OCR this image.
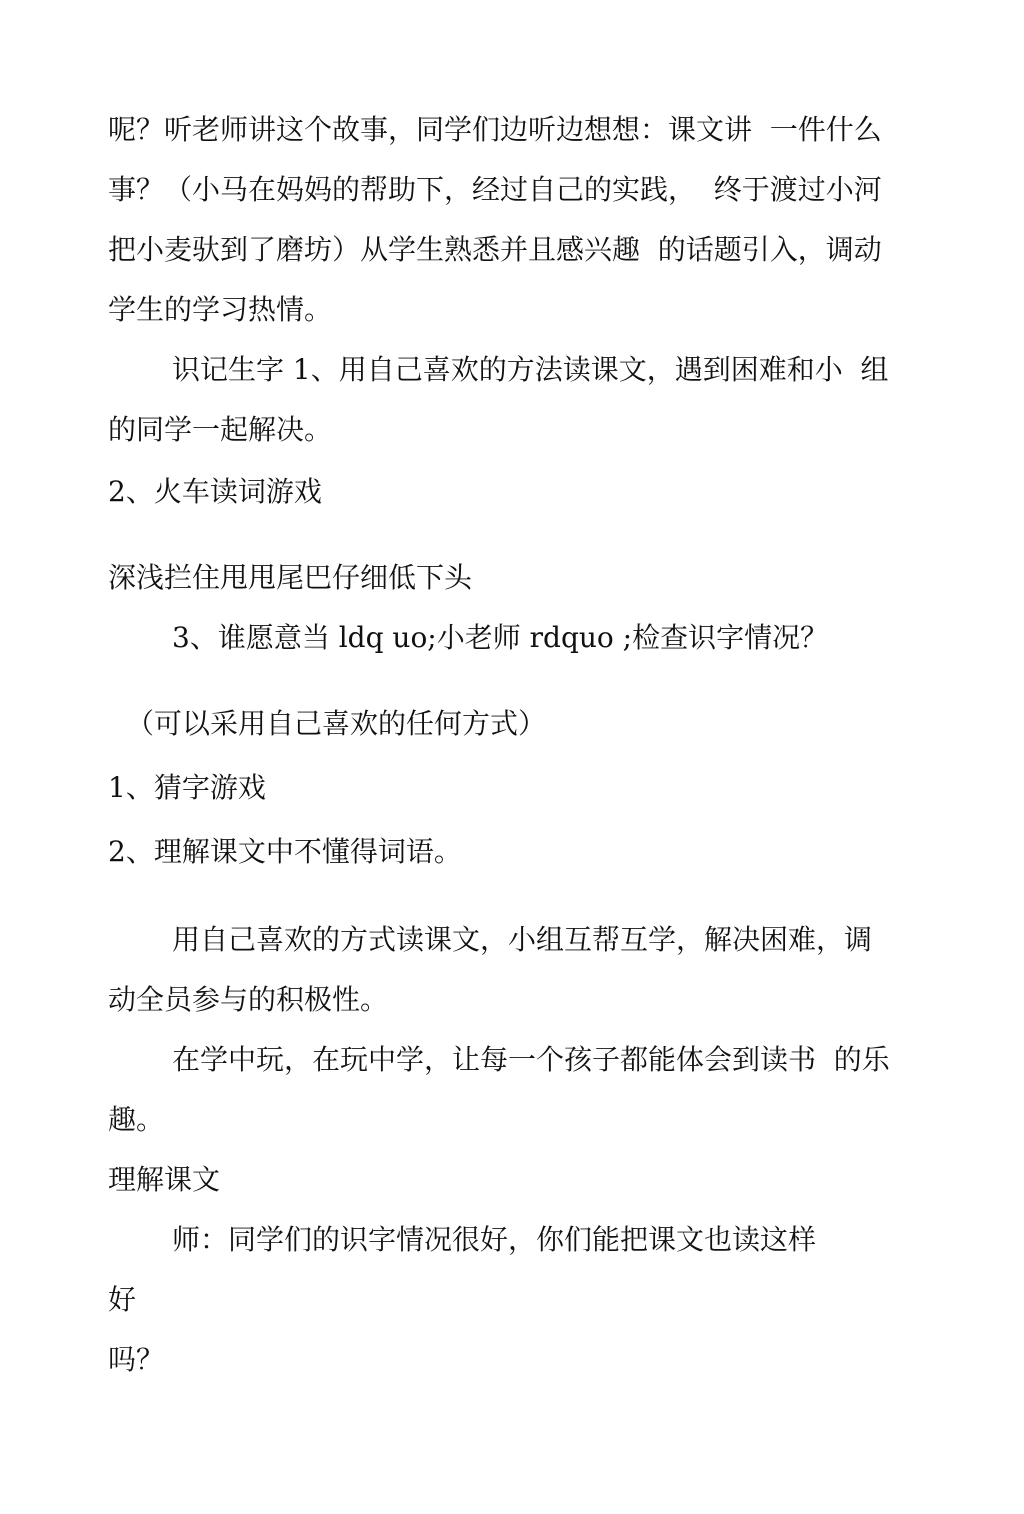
呢？听老师讲这个故事，同学们边听边想想：课文讲  一件什么
事？（小马在妈妈的帮助下，经过自己的实践，  终于渡过小河
把小麦驮到了磨坊）从学生熟悉并且感兴趣  的话题引入，调动
学生的学习热情。
识记生字 1、用自己喜欢的方法读课文，遇到困难和小  组
的同学一起解决。
2、火车读词游戏
深浅拦住甩甩尾巴仔细低下头
3、谁愿意当 ldq uo;小老师 rdquo ;检查识字情况？
（可以采用自己喜欢的任何方式）
1、猜字游戏
2、理解课文中不懂得词语。
用自己喜欢的方式读课文，小组互帮互学，解决困难，调
动全员参与的积极性。
在学中玩，在玩中学，让每一个孩子都能体会到读书  的乐
趣。
理解课文
师：同学们的识字情况很好，你们能把课文也读这样
好
吗？
